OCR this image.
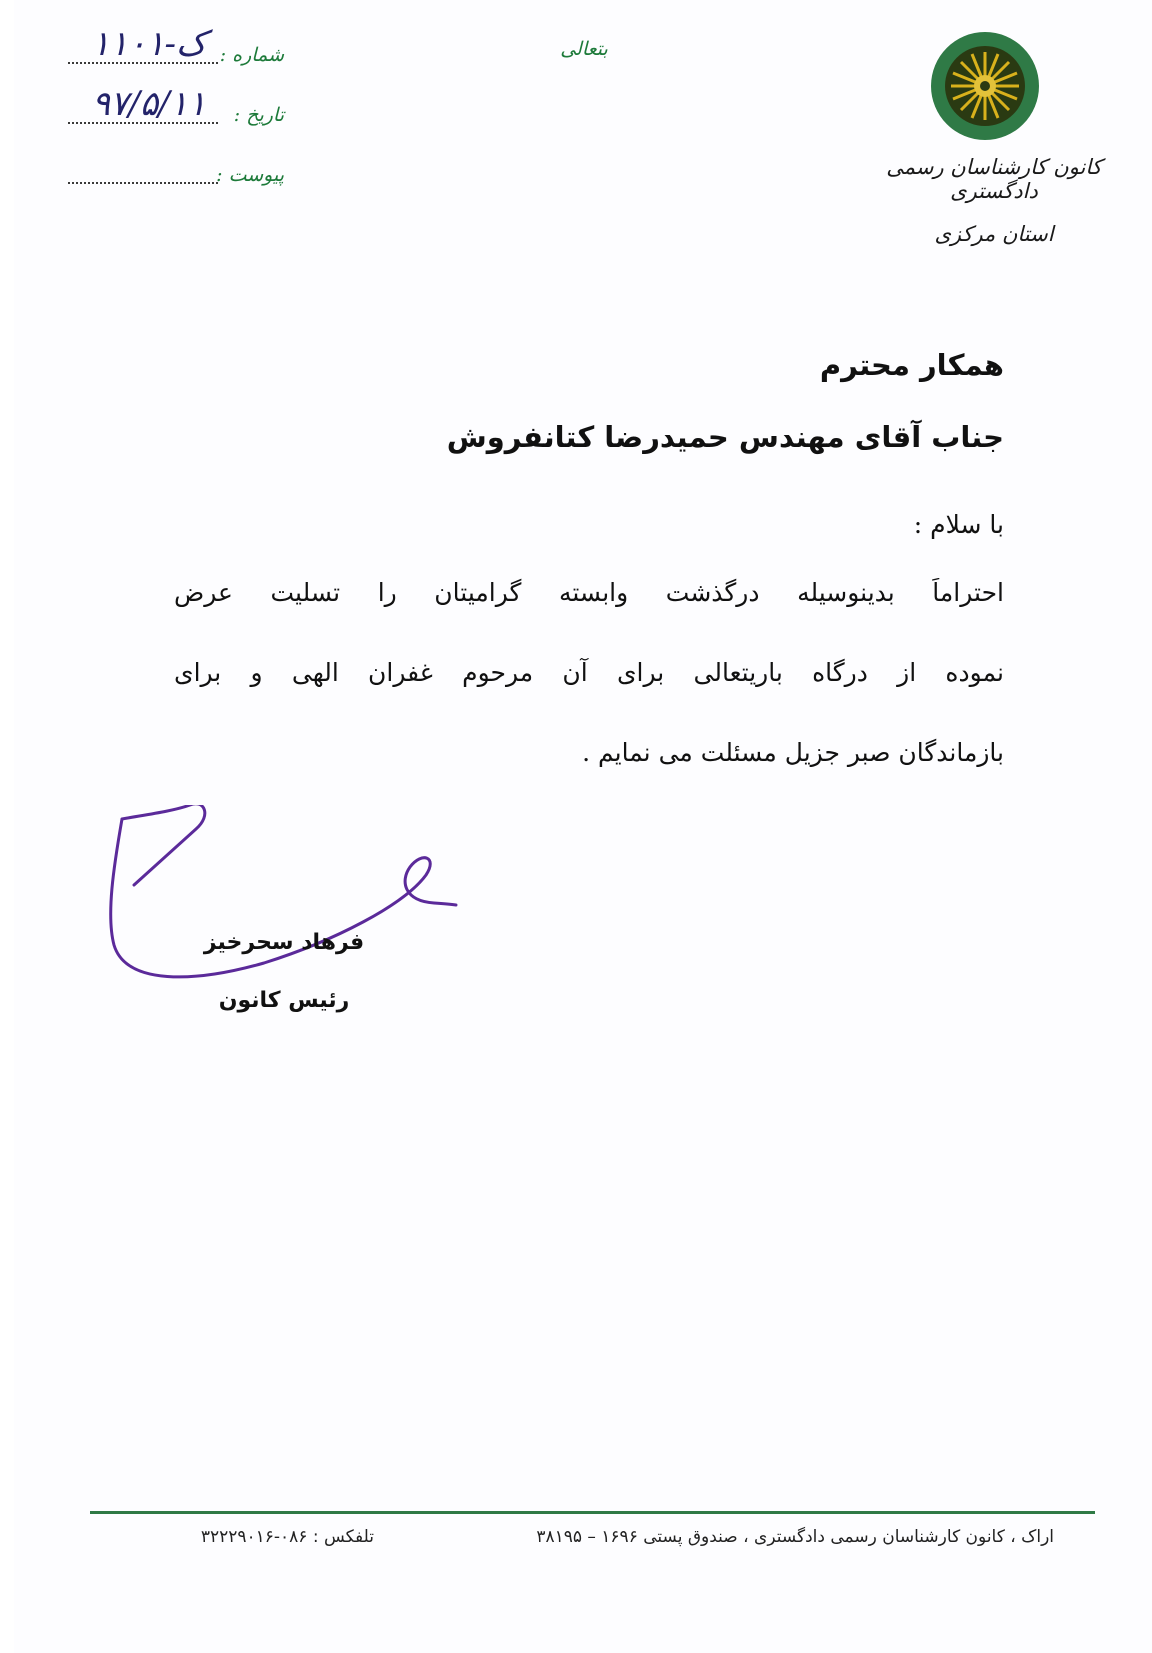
کانون کارشناسان رسمی دادگستری
استان مرکزی
بتعالی
شماره :
۱۱۰۱-ک
تاریخ :
۹۷/۵/۱۱
پیوست :
همکار محترم
جناب آقای مهندس حمیدرضا کتانفروش
با سلام :
احتراماً بدینوسیله درگذشت وابسته گرامیتان را تسلیت عرض
نموده از درگاه باریتعالی برای آن مرحوم غفران الهی و برای
بازماندگان صبر جزیل مسئلت می نمایم .
فرهاد سحرخیز
رئیس کانون
اراک ، کانون کارشناسان رسمی دادگستری ، صندوق پستی ۱۶۹۶ – ۳۸۱۹۵
تلفکس : ۰۸۶-۳۲۲۲۹۰۱۶
